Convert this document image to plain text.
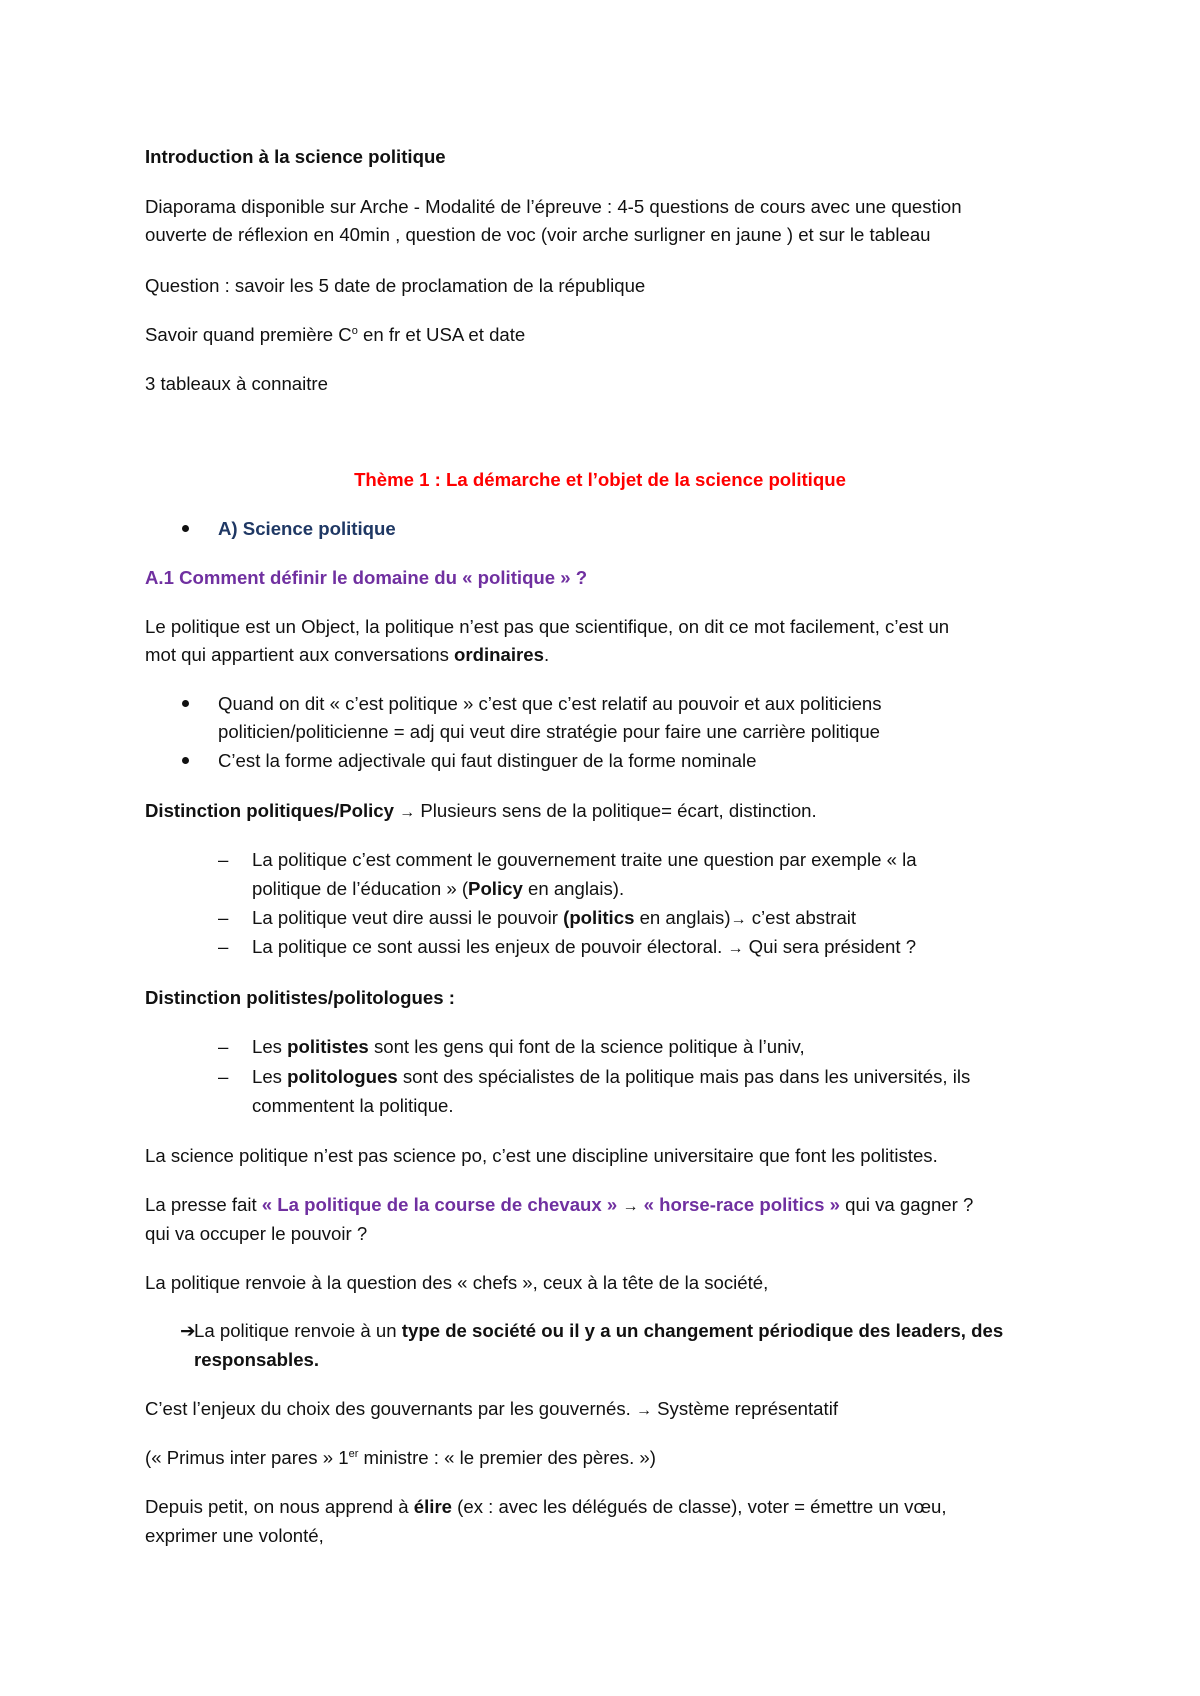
Introduction à la science politique

Diaporama disponible sur Arche - Modalité de l’épreuve : 4-5 questions de cours avec une question

ouverte de réflexion en 40min , question de voc (voir arche surligner en jaune ) et sur le tableau

Question : savoir les 5 date de proclamation de la république

Savoir quand première $C^o$ en fr et USA et date

3 tableaux à connaitre

Thème 1 : La démarche et l’objet de la science politique

A) Science politique

A.1 Comment définir le domaine du « politique » ?

Le politique est un Object, la politique n’est pas que scientifique, on dit ce mot facilement, c’est un

mot qui appartient aux conversations ordinaires.

Quand on dit « c’est politique » c’est que c’est relatif au pouvoir et aux politiciens

politicien/politicienne = adj qui veut dire stratégie pour faire une carrière politique

C’est la forme adjectivale qui faut distinguer de la forme nominale

Distinction politiques/Policy → Plusieurs sens de la politique= écart, distinction.

– La politique c’est comment le gouvernement traite une question par exemple « la

politique de l’éducation » (Policy en anglais).

– La politique veut dire aussi le pouvoir (politics en anglais)→ c’est abstrait

– La politique ce sont aussi les enjeux de pouvoir électoral. → Qui sera président ?

Distinction politistes/politologues :

– Les politistes sont les gens qui font de la science politique à l’univ,

– Les politologues sont des spécialistes de la politique mais pas dans les universités, ils

commentent la politique.

La science politique n’est pas science po, c’est une discipline universitaire que font les politistes.

La presse fait « La politique de la course de chevaux » → « horse-race politics » qui va gagner ?

qui va occuper le pouvoir ?

La politique renvoie à la question des « chefs », ceux à la tête de la société,

➔

La politique renvoie à un type de société ou il y a un changement périodique des leaders, des

responsables.

C’est l’enjeux du choix des gouvernants par les gouvernés. → Système représentatif

(« Primus inter pares » 1er ministre : « le premier des pères. »)

Depuis petit, on nous apprend à élire (ex : avec les délégués de classe), voter = émettre un vœu,

exprimer une volonté,
